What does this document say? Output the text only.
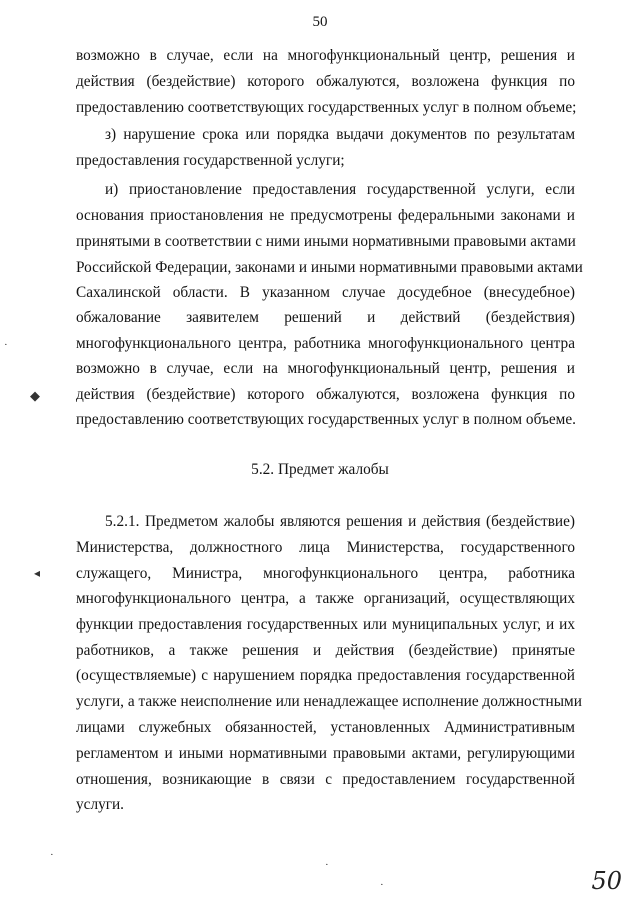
50
возможно в случае, если на многофункциональный центр, решения и
действия (бездействие) которого обжалуются, возложена функция по
предоставлению соответствующих государственных услуг в полном объеме;
з) нарушение срока или порядка выдачи документов по результатам
предоставления государственной услуги;
и) приостановление предоставления государственной услуги, если
основания приостановления не предусмотрены федеральными законами и
принятыми в соответствии с ними иными нормативными правовыми актами
Российской Федерации, законами и иными нормативными правовыми актами
Сахалинской области. В указанном случае досудебное (внесудебное)
обжалование заявителем решений и действий (бездействия)
многофункционального центра, работника многофункционального центра
возможно в случае, если на многофункциональный центр, решения и
действия (бездействие) которого обжалуются, возложена функция по
предоставлению соответствующих государственных услуг в полном объеме.
5.2. Предмет жалобы
5.2.1. Предметом жалобы являются решения и действия (бездействие)
Министерства, должностного лица Министерства, государственного
служащего, Министра, многофункционального центра, работника
многофункционального центра, а также организаций, осуществляющих
функции предоставления государственных или муниципальных услуг, и их
работников, а также решения и действия (бездействие) принятые
(осуществляемые) с нарушением порядка предоставления государственной
услуги, а также неисполнение или ненадлежащее исполнение должностными
лицами служебных обязанностей, установленных Административным
регламентом и иными нормативными правовыми актами, регулирующими
отношения, возникающие в связи с предоставлением государственной
услуги.
◆
◂
·
·
·
·	50
